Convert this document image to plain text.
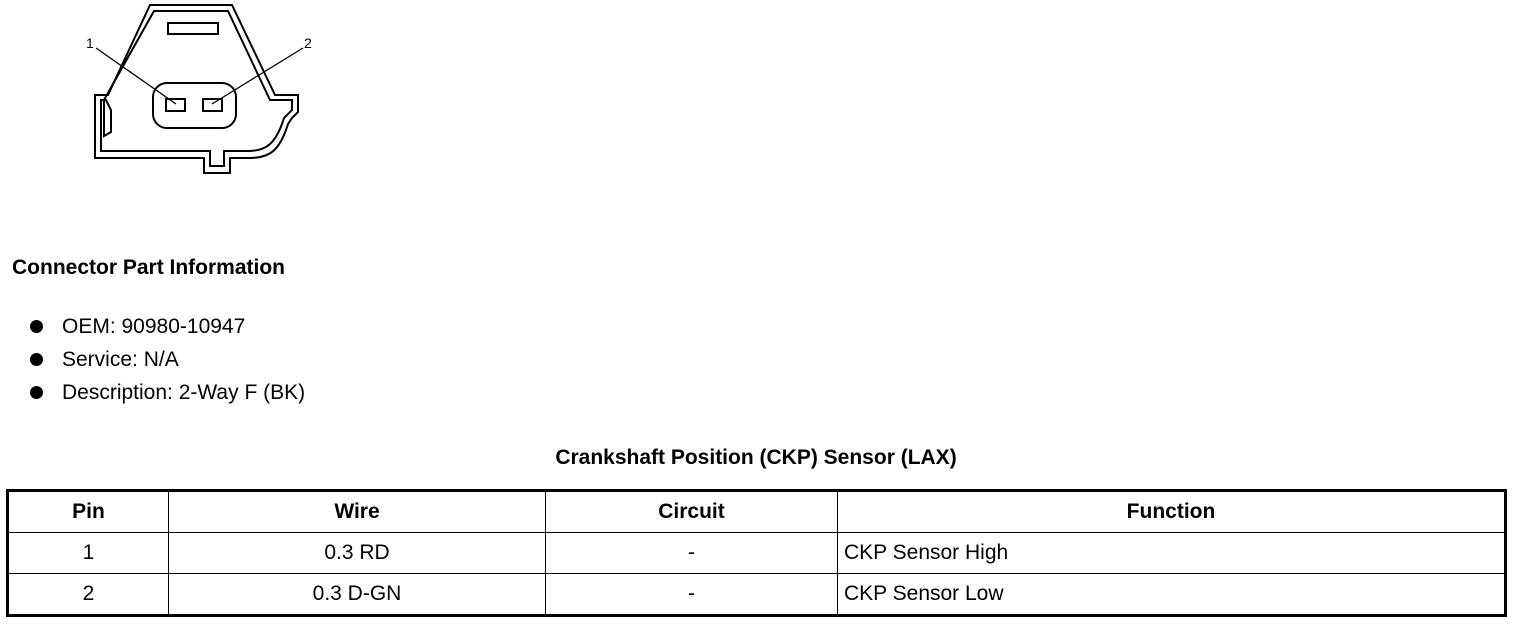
1	2
Connector Part Information
OEM: 90980-10947
Service: N/A
Description: 2-Way F (BK)
Crankshaft Position (CKP) Sensor (LAX)
Pin	Wire	Circuit	Function
1	0.3 RD	-	CKP Sensor High
2	0.3 D-GN	-	CKP Sensor Low
